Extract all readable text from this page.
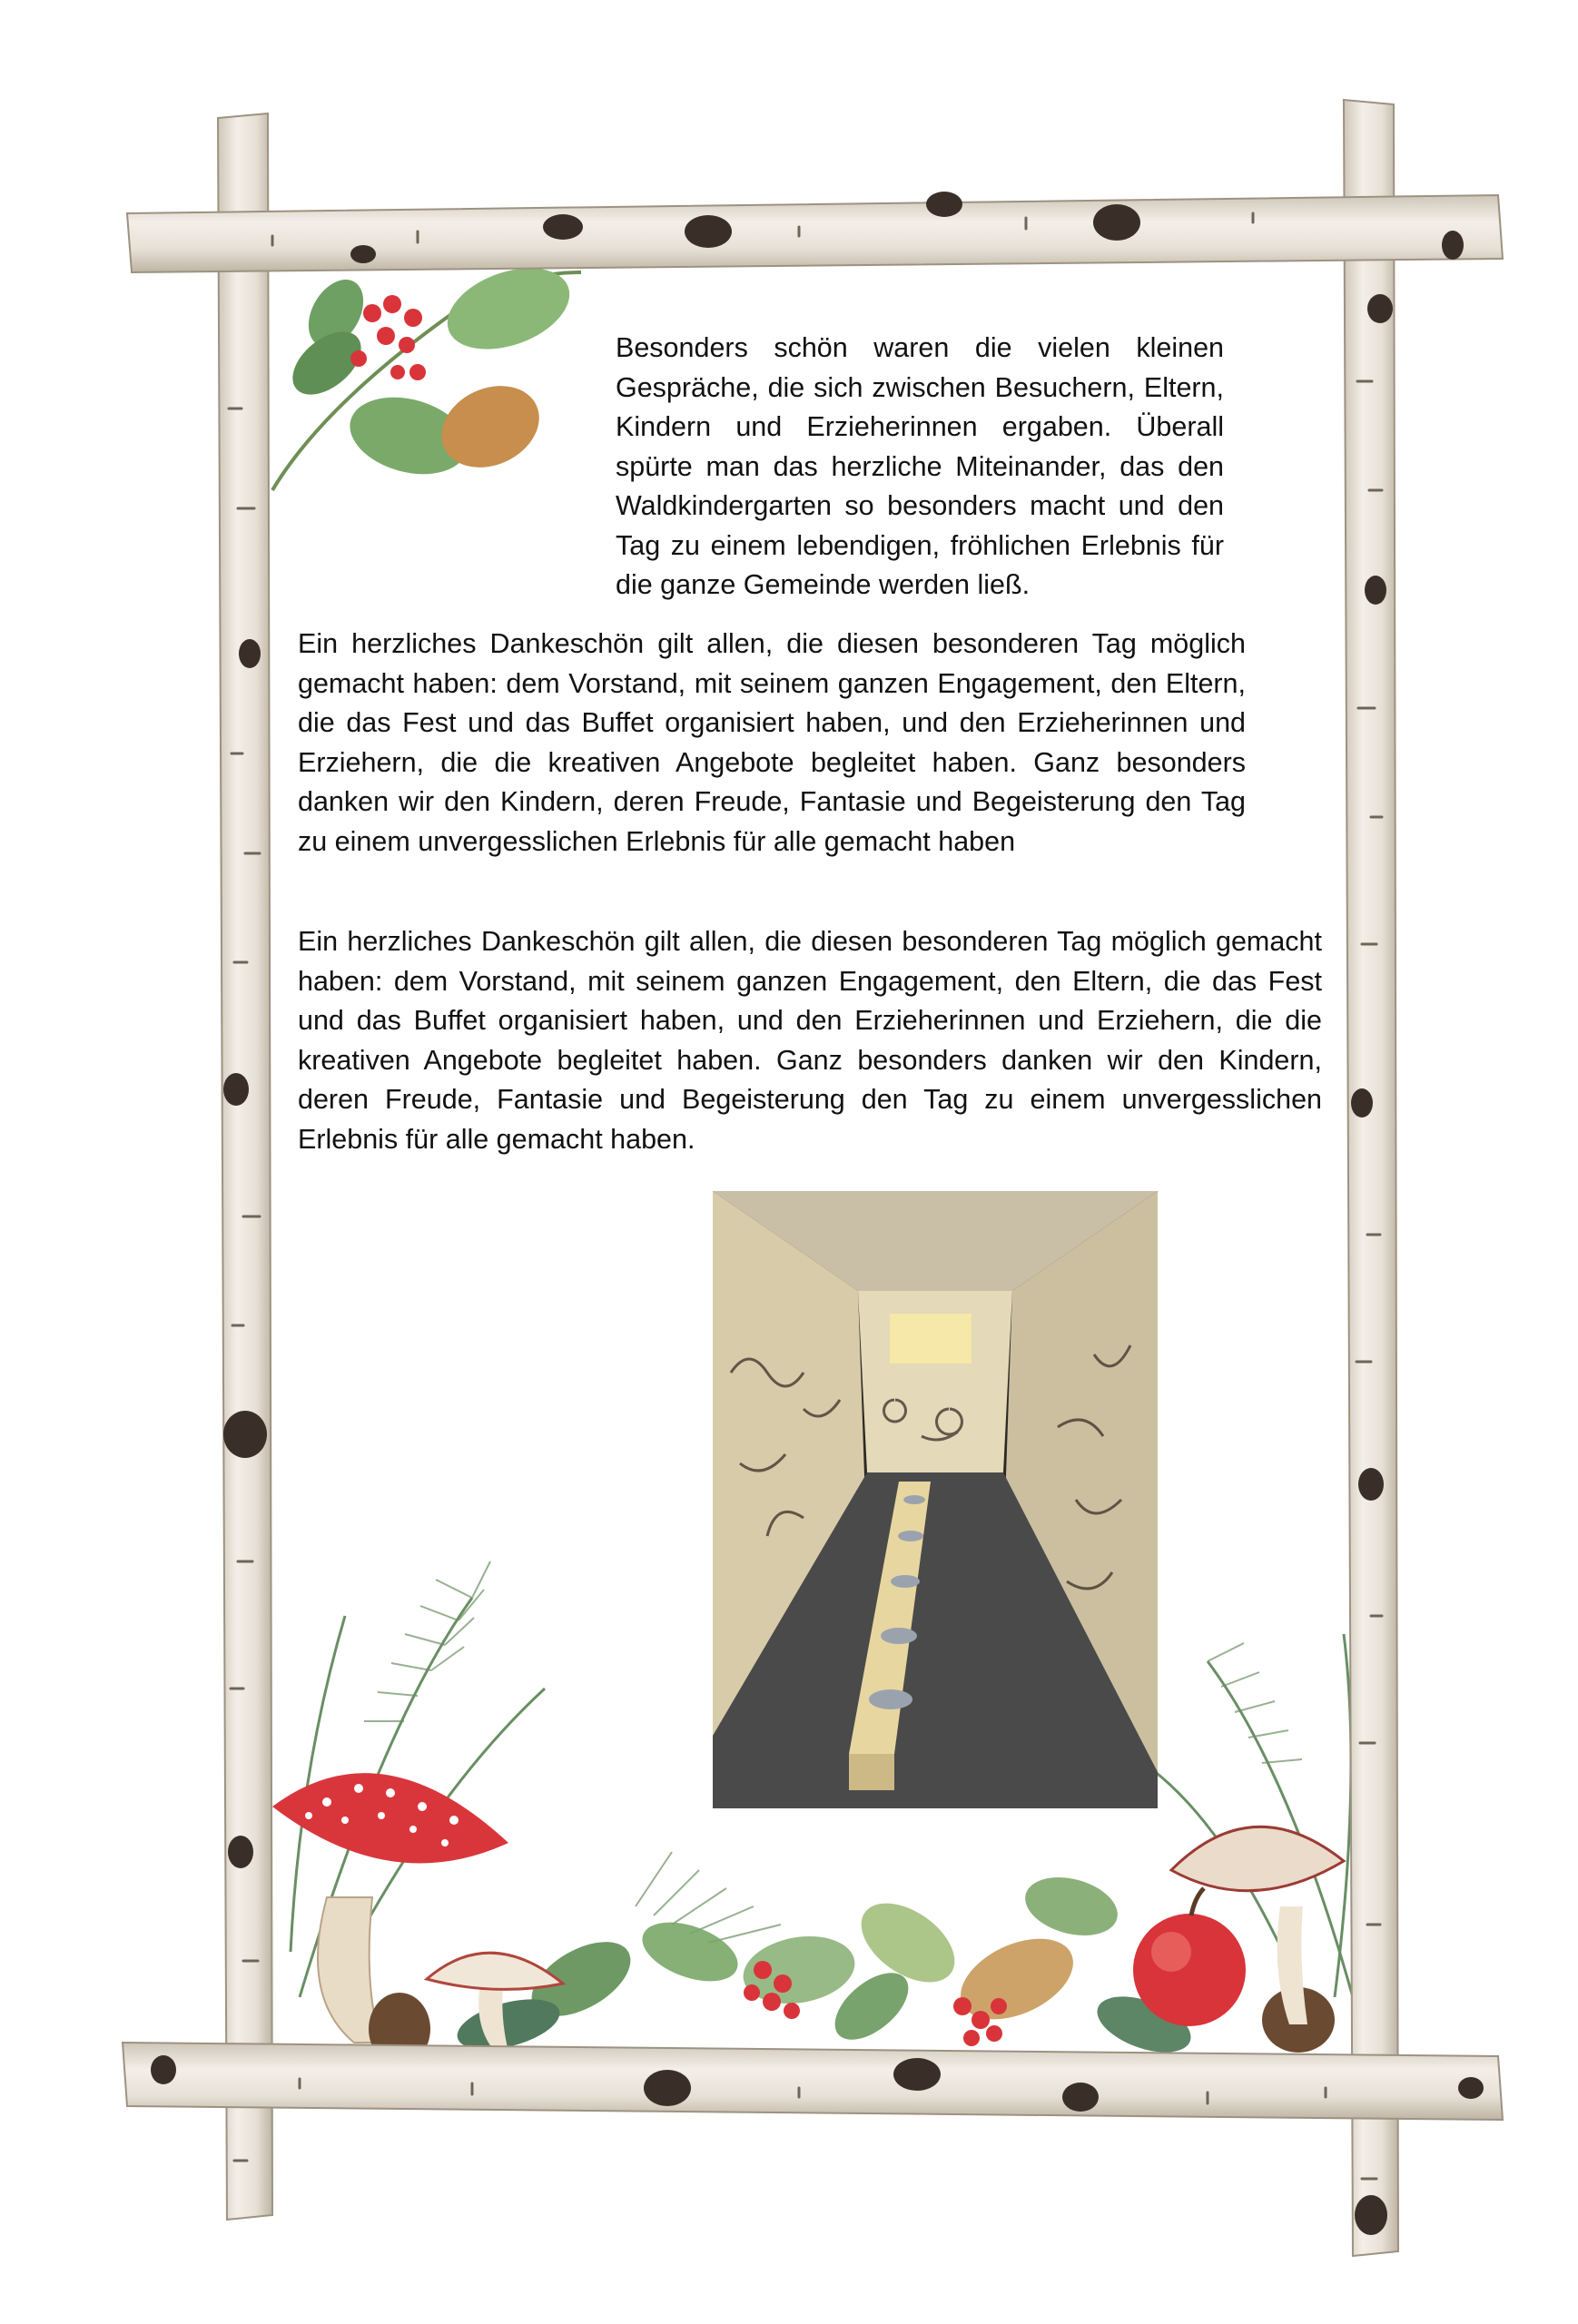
Besonders schön waren die vielen kleinen Gespräche, die sich zwischen Besuchern, Eltern, Kindern und Erzieherinnen ergaben. Überall spürte man das herzliche Miteinander, das den Waldkindergarten so besonders macht und den Tag zu einem lebendigen, fröhlichen Erlebnis für die ganze Gemeinde werden ließ.

Ein herzliches Dankeschön gilt allen, die diesen besonderen Tag möglich gemacht haben: dem Vorstand, mit seinem ganzen Engagement, den Eltern, die das Fest und das Buffet organisiert haben, und den Erzieherinnen und Erziehern, die die kreativen Angebote begleitet haben. Ganz besonders danken wir den Kindern, deren Freude, Fantasie und Begeisterung den Tag zu einem unvergesslichen Erlebnis für alle gemacht haben

Ein herzliches Dankeschön gilt allen, die diesen besonderen Tag möglich gemacht haben: dem Vorstand, mit seinem ganzen Engagement, den Eltern, die das Fest und das Buffet organisiert haben, und den Erzieherinnen und Erziehern, die die kreativen Angebote begleitet haben. Ganz besonders danken wir den Kindern, deren Freude, Fantasie und Begeisterung den Tag zu einem unvergesslichen Erlebnis für alle gemacht haben.
